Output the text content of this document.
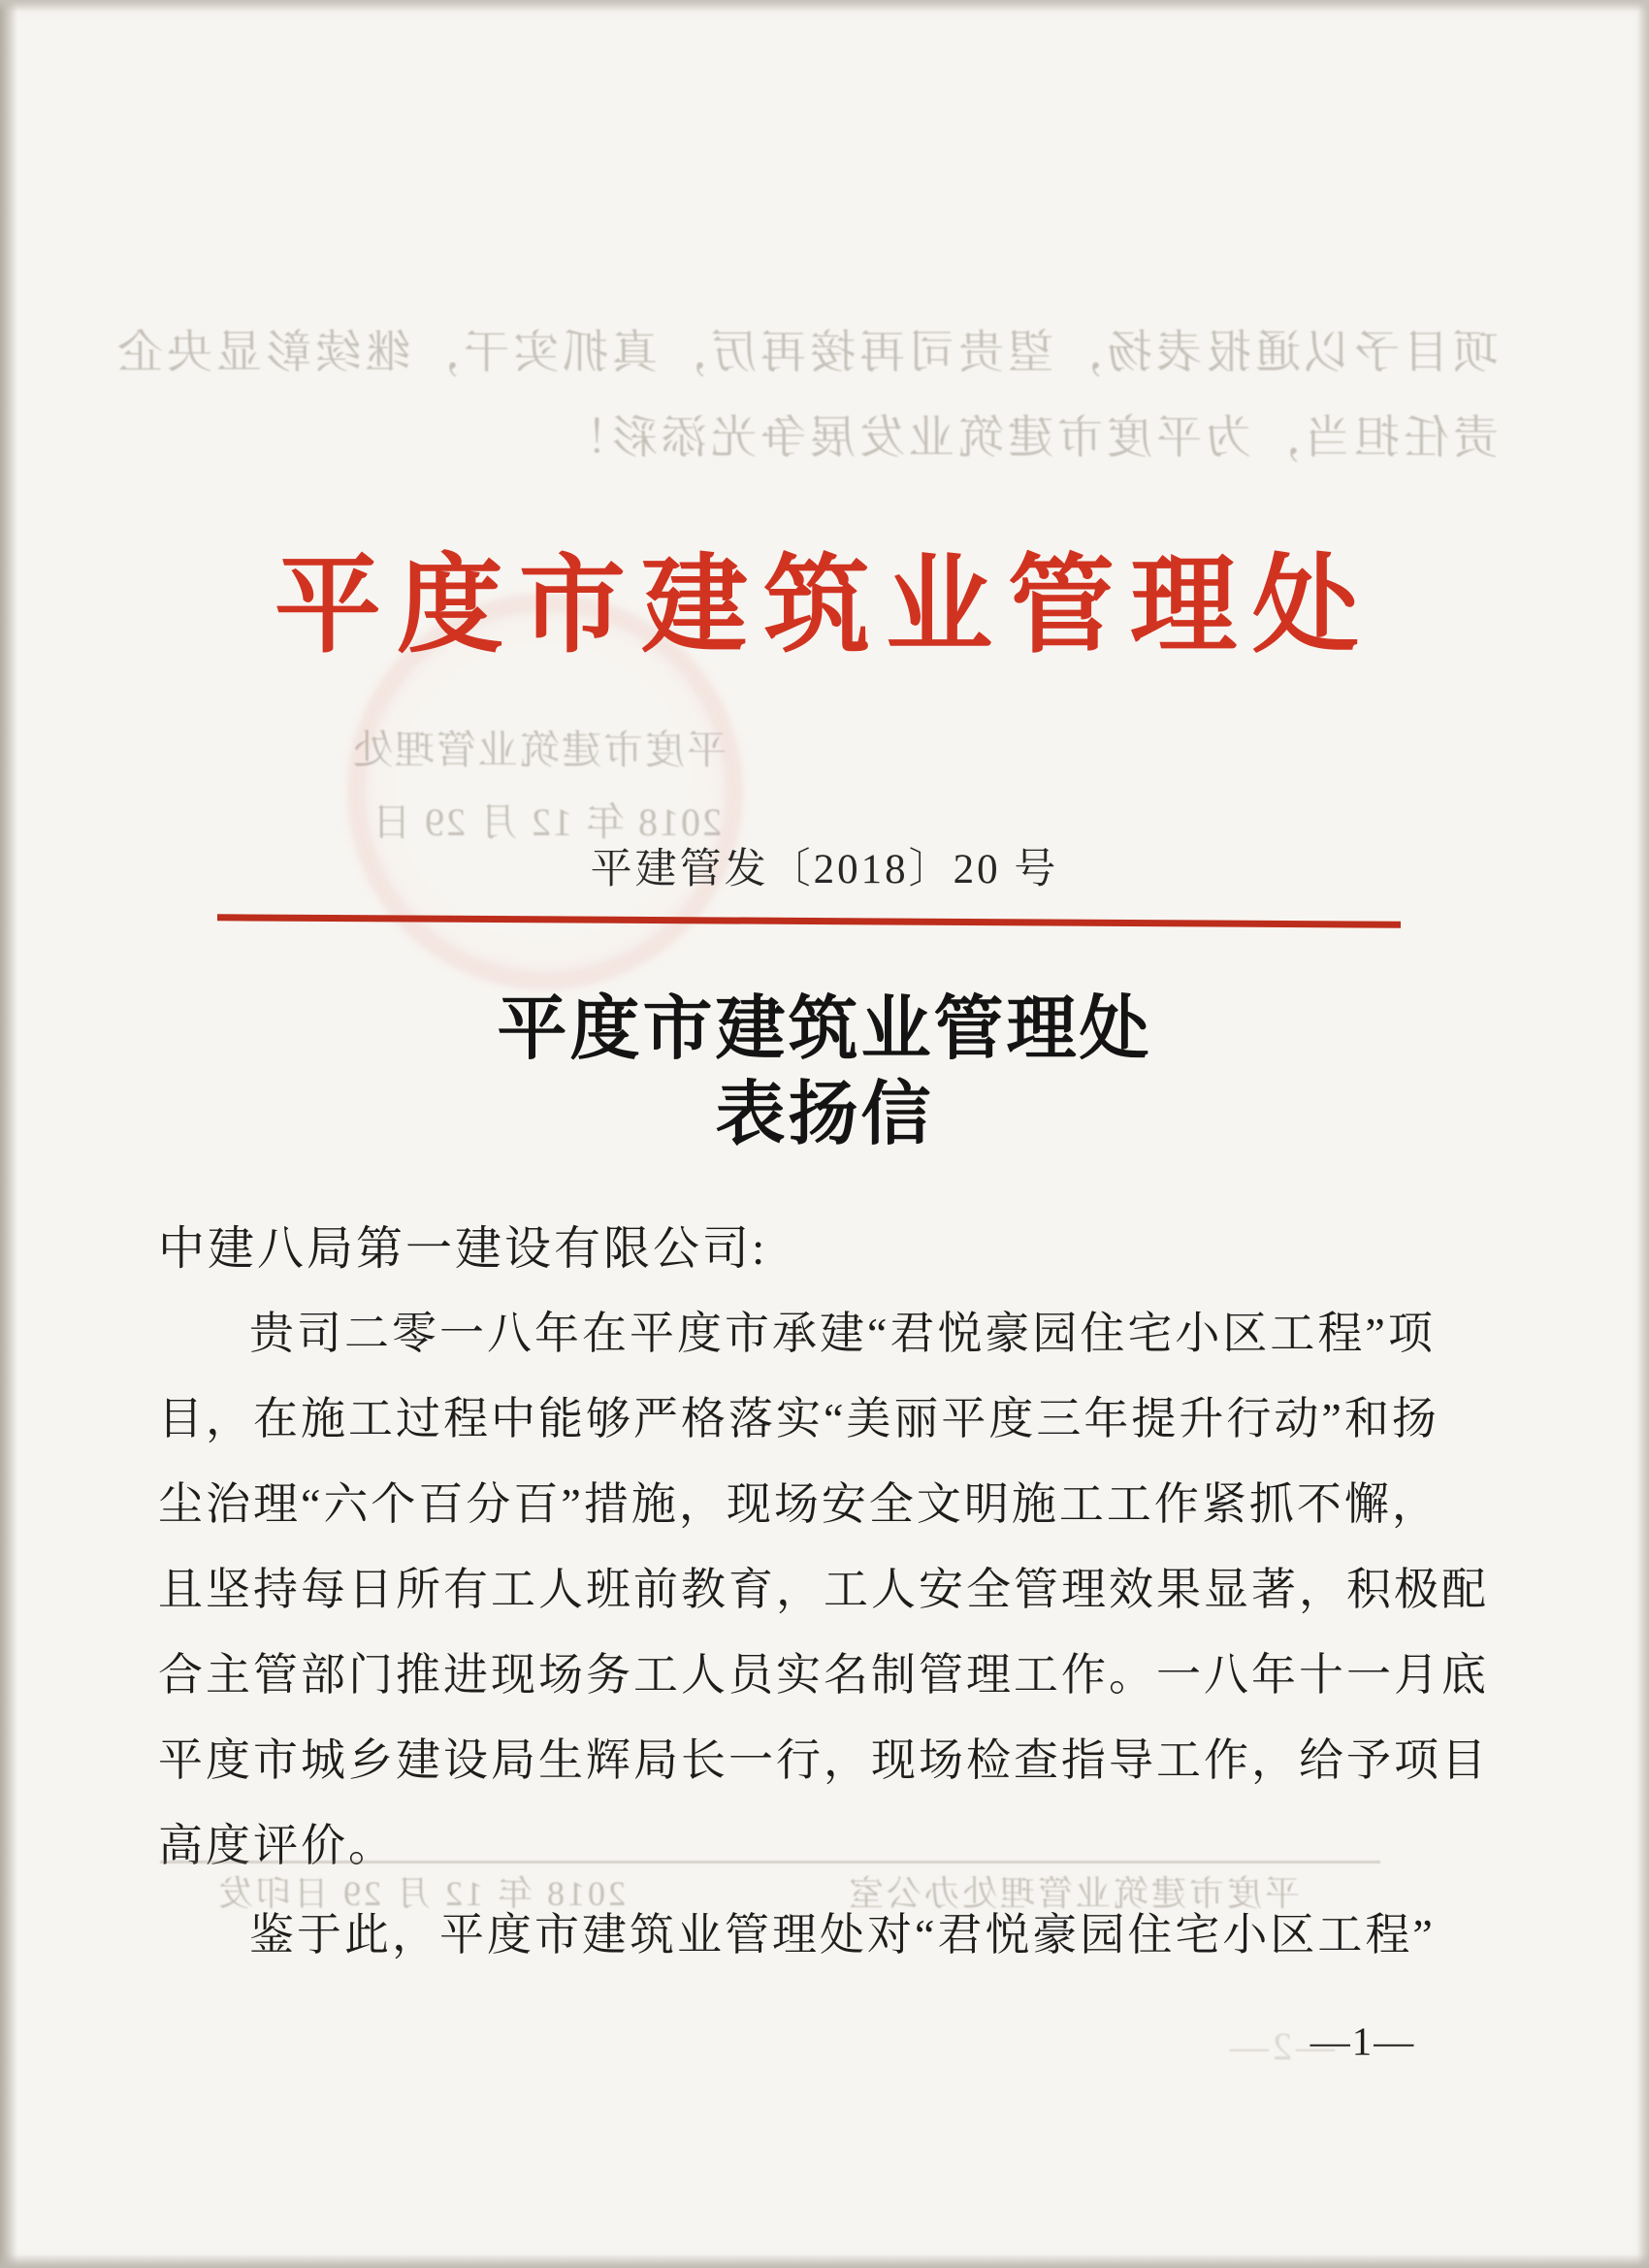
项目予以通报表扬，望贵司再接再厉，真抓实干，继续彰显央企
责任担当，为平度市建筑业发展争光添彩！
平度市建筑业管理处
2018 年 12 月 29 日
平度市建筑业管理处
平建管发〔2018〕20 号
平度市建筑业管理处
表扬信
中建八局第一建设有限公司:
贵司二零一八年在平度市承建“君悦豪园住宅小区工程”项
目，在施工过程中能够严格落实“美丽平度三年提升行动”和扬
尘治理“六个百分百”措施，现场安全文明施工工作紧抓不懈，
且坚持每日所有工人班前教育，工人安全管理效果显著，积极配
合主管部门推进现场务工人员实名制管理工作。一八年十一月底
平度市城乡建设局生辉局长一行，现场检查指导工作，给予项目
高度评价。
2018 年 12 月 29 日印发	平度市建筑业管理处办公室
鉴于此，平度市建筑业管理处对“君悦豪园住宅小区工程”
—2—
—1—
